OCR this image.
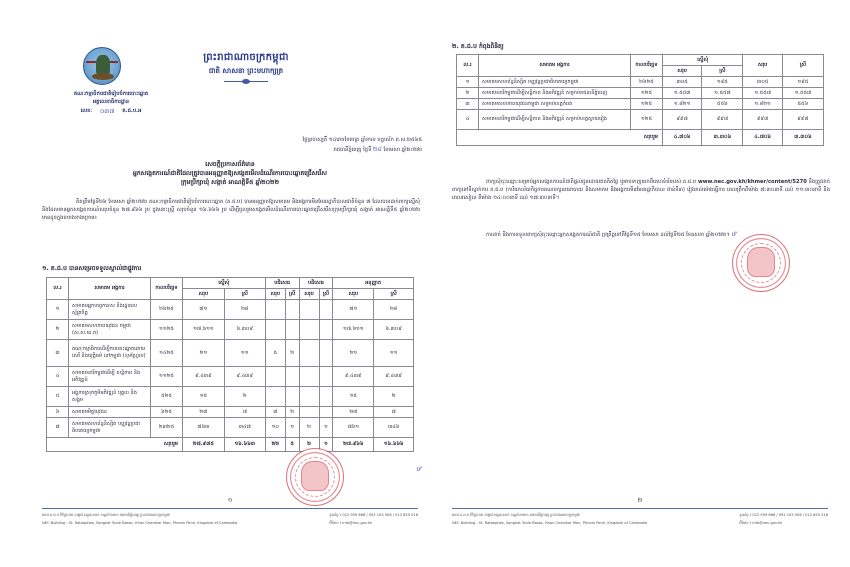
គណៈកម្មាធិការជាតិរៀបចំការបោះឆ្នោត
អគ្គលេខាធិការដ្ឋាន
លេខៈ ០៣៧ គ.ជ.ប.អ
ព្រះរាជាណាចក្រកម្ពុជា
ជាតិ សាសនា ព្រះមហាក្សត្រ
ថ្ងៃព្រហស្បតិ៍ ១៤រោចខែចេត្រ ឆ្នាំខាល ចត្វាស័ក ព.ស.២៥៦៥
រាជធានីភ្នំពេញ ថ្ងៃទី ២៨ ខែមេសា ឆ្នាំ២០២២
សេចក្តីប្រកាសព័ត៌មាន
អ្នកសង្កេតការណ៍ជាតិដែលត្រូវបានអនុញ្ញាតឱ្យសង្កេតមើលដំណើរការបោះឆ្នោតជ្រើសរើស
ក្រុមប្រឹក្សាឃុំ សង្កាត់ អាណត្តិទី៥ ឆ្នាំ២០២២

គិតត្រឹមថ្ងៃទី២៦ ខែមេសា ឆ្នាំ២០២២ គណៈកម្មាធិការជាតិរៀបចំការបោះឆ្នោត (គ.ជ.ប) បានអនុញ្ញាតឱ្យសមាគម និងអង្គការមិនមែនរដ្ឋាភិបាលជាតិចំនួន ៧ ដែលបានដាក់ពាក្យស្នើសុំ និងដែលមានអ្នកសង្កេតការណ៍សរុបចំនួន ២៧.៩៦៦ រូប ក្នុងនោះស្ត្រី សរុបចំនួន ១៦.៦៦៦ រូប ដើម្បីចូលរួមសង្កេតមើលដំណើរការបោះឆ្នោតជ្រើសរើសក្រុមប្រឹក្សាឃុំ សង្កាត់ អាណត្តិទី៥ ឆ្នាំ២០២២ មានដូចក្នុងតារាងខាងក្រោម៖

១. គ.ជ.ប បានសម្រេចទទួលស្គាល់ជាផ្លូវការ
ល.រ	សមាគម អង្គការ	កាលបរិច្ឆេទ	ស្នើសុំ		បដិសេធ		បដិសេធ		អនុញ្ញាត	
			សរុប	ស្រី	សរុប	ស្រី	សរុប	ស្រី	សរុប	ស្រី
១	សមាគមអ្នកបច្ចេកទេស និងរដ្ឋបាល ស្ម័គ្រចិត្ត	២៦២៥	៧១	២៨					៧១	២៨
២	សមាគមសហភាពយុវជន កម្ពុជា (ស.ស.យ.ក)	១១២៥	១៧.៦១១	៦.៣០៩					១៧.៦១១	៦.៣០៩
៣	គណៈកម្មាធិការដើម្បីការបោះឆ្នោតដោយសេរី និងយុត្តិធម៌ នៅកម្ពុជា (ខុមហ្វ្រែល)	១៤២៥	២១	១១	៥	២			២១	១១
៤	សមាគមនារីកម្ពុជាដើម្បី សន្តិភាព និងអភិវឌ្ឍន៍	១១២៥	៩.៤៣៩	៩.៤៣៩					៩.៤៣៩	៩.៤៣៩
៥	អង្គការស្រុកភូមិអភិវឌ្ឍន៍ បុគ្គល និងសង្គម	៥២៥	១៥	២					១៥	២
៦	សមាគមមិត្តយុវជន	៦២៥	២៧	៧	៧	២			២៧	៧
៧	សមាគមសហព័ន្ធនិស្សិត បញ្ញវន្តប្រជាធិបតេយ្យកម្ពុជា	២៣២៥	៧៦៣	៣៤៧	១០	១	២	១	៧៦១	៣៤៦
សរុបរួម			២៧.៩៧៥	១៦.៦៦៣	២២	៥	២	១	២៧.៩៦៦	១៦.៦៦៦
ឋ⁄
១
អគារ គ.ជ.ប វិថីព្រះរាជ សង្កាត់ទន្លេបាសាក់ ខណ្ឌចំការមន រាជធានីភ្នំពេញ ព្រះរាជាណាចក្រកម្ពុជា
NEC Building : St. Rataaphes, Sangkat Tonle Basac, Khan Chamkar Mon, Phnom Penh, Kingdom of Cambodia
ទូរស័ព្ទ ៖ 012 959 666 / 092 105 506 / 012 855 018
អ៊ីមែល ៖ info@nec.gov.kh
២. គ.ជ.ប កំពុងពិនិត្យ
ល.រ	សមាគម អង្គការ	កាលបរិច្ឆេទ	ស្នើសុំ		សរុប	ស្រី
			សរុប	ស្រី		
១	សមាគមសហព័ន្ធនិស្សិត បញ្ញវន្តប្រជាធិបតេយ្យកម្ពុជា	២៦២៥	៣០៥	១៩៥	៣០៥	១៩៥
២	សមាគមនារីកម្ពុជាដើម្បីសន្តិភាព និងអភិវឌ្ឍន៍ សម្រាប់រាជធានីភ្នំពេញ	១២៥	១.៥៥៧	១.៥៥៧	១.៥៥៧	១.៥៥៧
៣	សមាគមសហភាពយុវជនកម្ពុជា សម្រាប់ខេត្តកំពត	១២៥	១.៨២១	៥៥៦	១.៨២១	៥៥៦
៤	សមាគមនារីកម្ពុជាដើម្បីសន្តិភាព និងអភិវឌ្ឍន៍ សម្រាប់ខេត្តស្វាយរៀង	១២៥	៩៩៧	៩៩៧	៩៩៧	៩៩៧
សរុបរួម			៤.៧០៦	៣.៣០៦	៤.៧០៦	៣.៣០៦

ពាក្យសុំចុះឈ្មោះសម្រាប់អ្នកសង្កេតការណ៍ជាតិផ្តល់ជូនដោយឥតគិតថ្លៃ ឬអាចទាញយកពីគេហទំព័ររបស់ គ.ជ.ប www.nec.gov.kh/khmer/content/5270 និងត្រូវដាក់ពាក្យនៅទីស្នាក់ការ គ.ជ.ប (ការិយាល័យកិច្ចការគណបក្សនយោបាយ និងសមាគម និងអង្គការមិនមែនរដ្ឋាភិបាល ជាន់ទី៣) រៀងរាល់ម៉ោងធ្វើការ ពេលព្រឹកពីម៉ោង ៧:៣០នាទី ដល់ ១១:៣០នាទី និងពេលរសៀល ពីម៉ោង ១៤:០០នាទី ដល់ ១៧:៣០នាទី។

ការដាក់ និងការទទួលពាក្យសុំចុះឈ្មោះអ្នកសង្កេតការណ៍ជាតិ ប្រព្រឹត្តទៅពីថ្ងៃទី១៥ ខែមេសា ដល់ថ្ងៃទី២៥ ខែឧសភា ឆ្នាំ២០២២។ ឋ⁄

២
អគារ គ.ជ.ប វិថីព្រះរាជ សង្កាត់ទន្លេបាសាក់ ខណ្ឌចំការមន រាជធានីភ្នំពេញ ព្រះរាជាណាចក្រកម្ពុជា
NEC Building : St. Rataaphes, Sangkat Tonle Basac, Khan Chamkar Mon, Phnom Penh, Kingdom of Cambodia
ទូរស័ព្ទ ៖ 012 959 666 / 092 105 506 / 012 855 018
អ៊ីមែល ៖ info@nec.gov.kh
